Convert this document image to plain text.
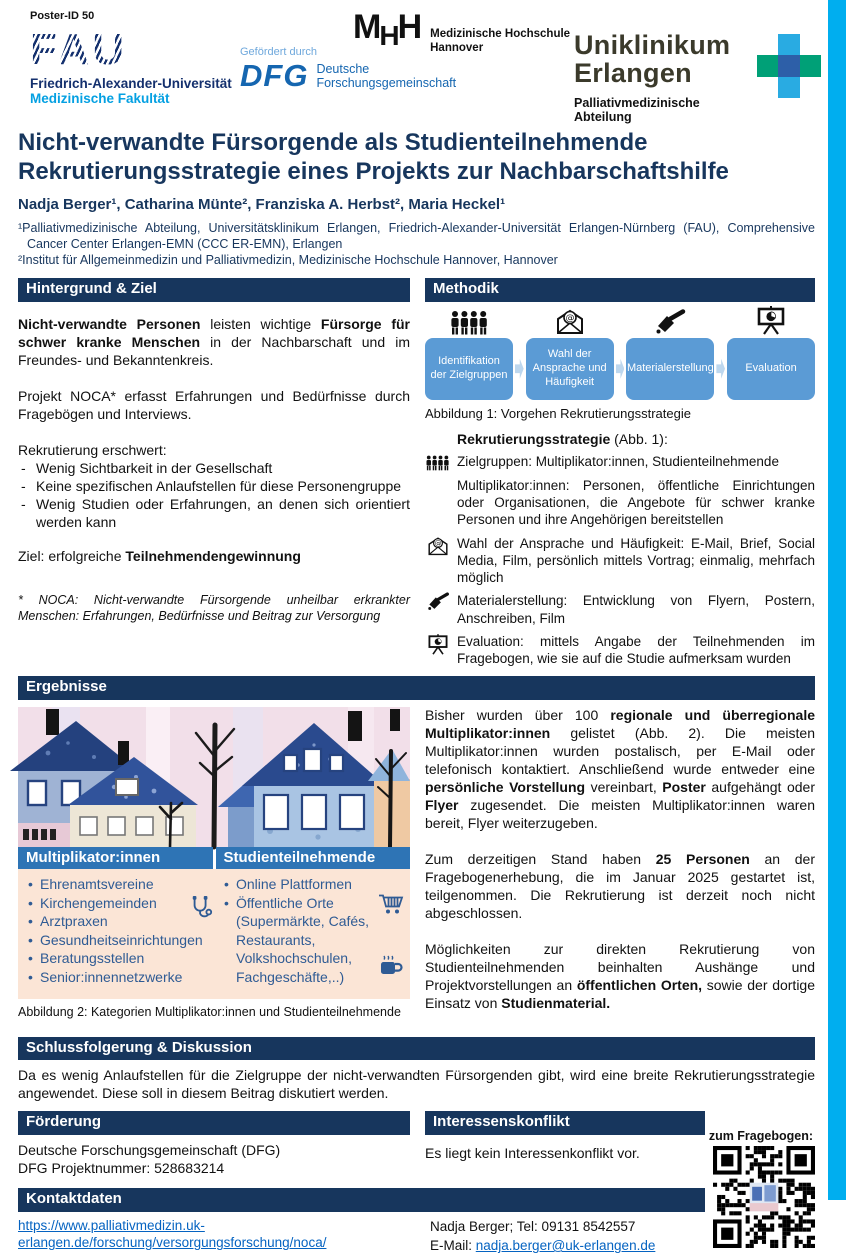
Poster-ID 50
FAU
Friedrich-Alexander-Universität
Medizinische Fakultät
Gefördert durch
DFG Deutsche
Forschungsgemeinschaft
$M_HH$ Medizinische Hochschule
Hannover	Uniklinikum
Erlangen
Palliativmedizinische Abteilung
Nicht-verwandte Fürsorgende als Studienteilnehmende
Rekrutierungsstrategie eines Projekts zur Nachbarschaftshilfe
Nadja Berger¹, Catharina Münte², Franziska A. Herbst², Maria Heckel¹

¹Palliativmedizinische Abteilung, Universitätsklinikum Erlangen, Friedrich-Alexander-Universität Erlangen-Nürnberg (FAU), Comprehensive Cancer Center Erlangen-EMN (CCC ER-EMN), Erlangen

²Institut für Allgemeinmedizin und Palliativmedizin, Medizinische Hochschule Hannover, Hannover

Hintergrund & Ziel

Nicht-verwandte Personen leisten wichtige Fürsorge für schwer kranke Menschen in der Nachbarschaft und im Freundes- und Bekanntenkreis.

Projekt NOCA* erfasst Erfahrungen und Bedürfnisse durch Fragebögen und Interviews.

Rekrutierung erschwert:

- Wenig Sichtbarkeit in der Gesellschaft
- Keine spezifischen Anlaufstellen für diese Personengruppe
- Wenig Studien oder Erfahrungen, an denen sich orientiert werden kann

Ziel: erfolgreiche Teilnehmendengewinnung

* NOCA: Nicht-verwandte Fürsorgende unheilbar erkrankter Menschen: Erfahrungen, Bedürfnisse und Beitrag zur Versorgung

Methodik
Identifikation
der Zielgruppen
@
Wahl der
Ansprache und Häufigkeit
Materialerstellung	Evaluation
Abbildung 1: Vorgehen Rekrutierungsstrategie

Rekrutierungsstrategie (Abb. 1):

Zielgruppen: Multiplikator:innen, Studienteilnehmende

Multiplikator:innen: Personen, öffentliche Einrichtungen oder Organisationen, die Angebote für schwer kranke Personen und ihre Angehörigen bereitstellen

@ Wahl der Ansprache und Häufigkeit: E-Mail, Brief, Social Media, Film, persönlich mittels Vortrag; einmalig, mehrfach möglich

Materialerstellung: Entwicklung von Flyern, Postern, Anschreiben, Film

Evaluation: mittels Angabe der Teilnehmenden im Fragebogen, wie sie auf die Studie aufmerksam wurden

Ergebnisse
Multiplikator:innen	Studienteilnehmende
• Ehrenamtsvereine
• Kirchengemeinden
• Arztpraxen
• Gesundheitseinrichtungen
• Beratungsstellen
• Senior:innennetzwerke
• Online Plattformen
• Öffentliche Orte (Supermärkte, Cafés, Restaurants, Volkshochschulen, Fachgeschäfte,..)
Abbildung 2: Kategorien Multiplikator:innen und Studienteilnehmende

Bisher wurden über 100 regionale und überregionale Multiplikator:innen gelistet (Abb. 2). Die meisten Multiplikator:innen wurden postalisch, per E-Mail oder telefonisch kontaktiert. Anschließend wurde entweder eine persönliche Vorstellung vereinbart, Poster aufgehängt oder Flyer zugesendet. Die meisten Multiplikator:innen waren bereit, Flyer weiterzugeben.

Zum derzeitigen Stand haben 25 Personen an der Fragebogenerhebung, die im Januar 2025 gestartet ist, teilgenommen. Die Rekrutierung ist derzeit noch nicht abgeschlossen.

Möglichkeiten zur direkten Rekrutierung von Studienteilnehmenden beinhalten Aushänge und Projektvorstellungen an öffentlichen Orten, sowie der dortige Einsatz von Studienmaterial.

Schlussfolgerung & Diskussion

Da es wenig Anlaufstellen für die Zielgruppe der nicht-verwandten Fürsorgenden gibt, wird eine breite Rekrutierungsstrategie angewendet. Diese soll in diesem Beitrag diskutiert werden.

Förderung
Deutsche Forschungsgemeinschaft (DFG)
DFG Projektnummer: 528683214
Interessenskonflikt
Es liegt kein Interessenkonflikt vor.
Kontaktdaten
https://www.palliativmedizin.uk-erlangen.de/forschung/versorgungsforschung/noca/
Nadja Berger; Tel: 09131 8542557
E-Mail: nadja.berger@uk-erlangen.de
zum Fragebogen:
